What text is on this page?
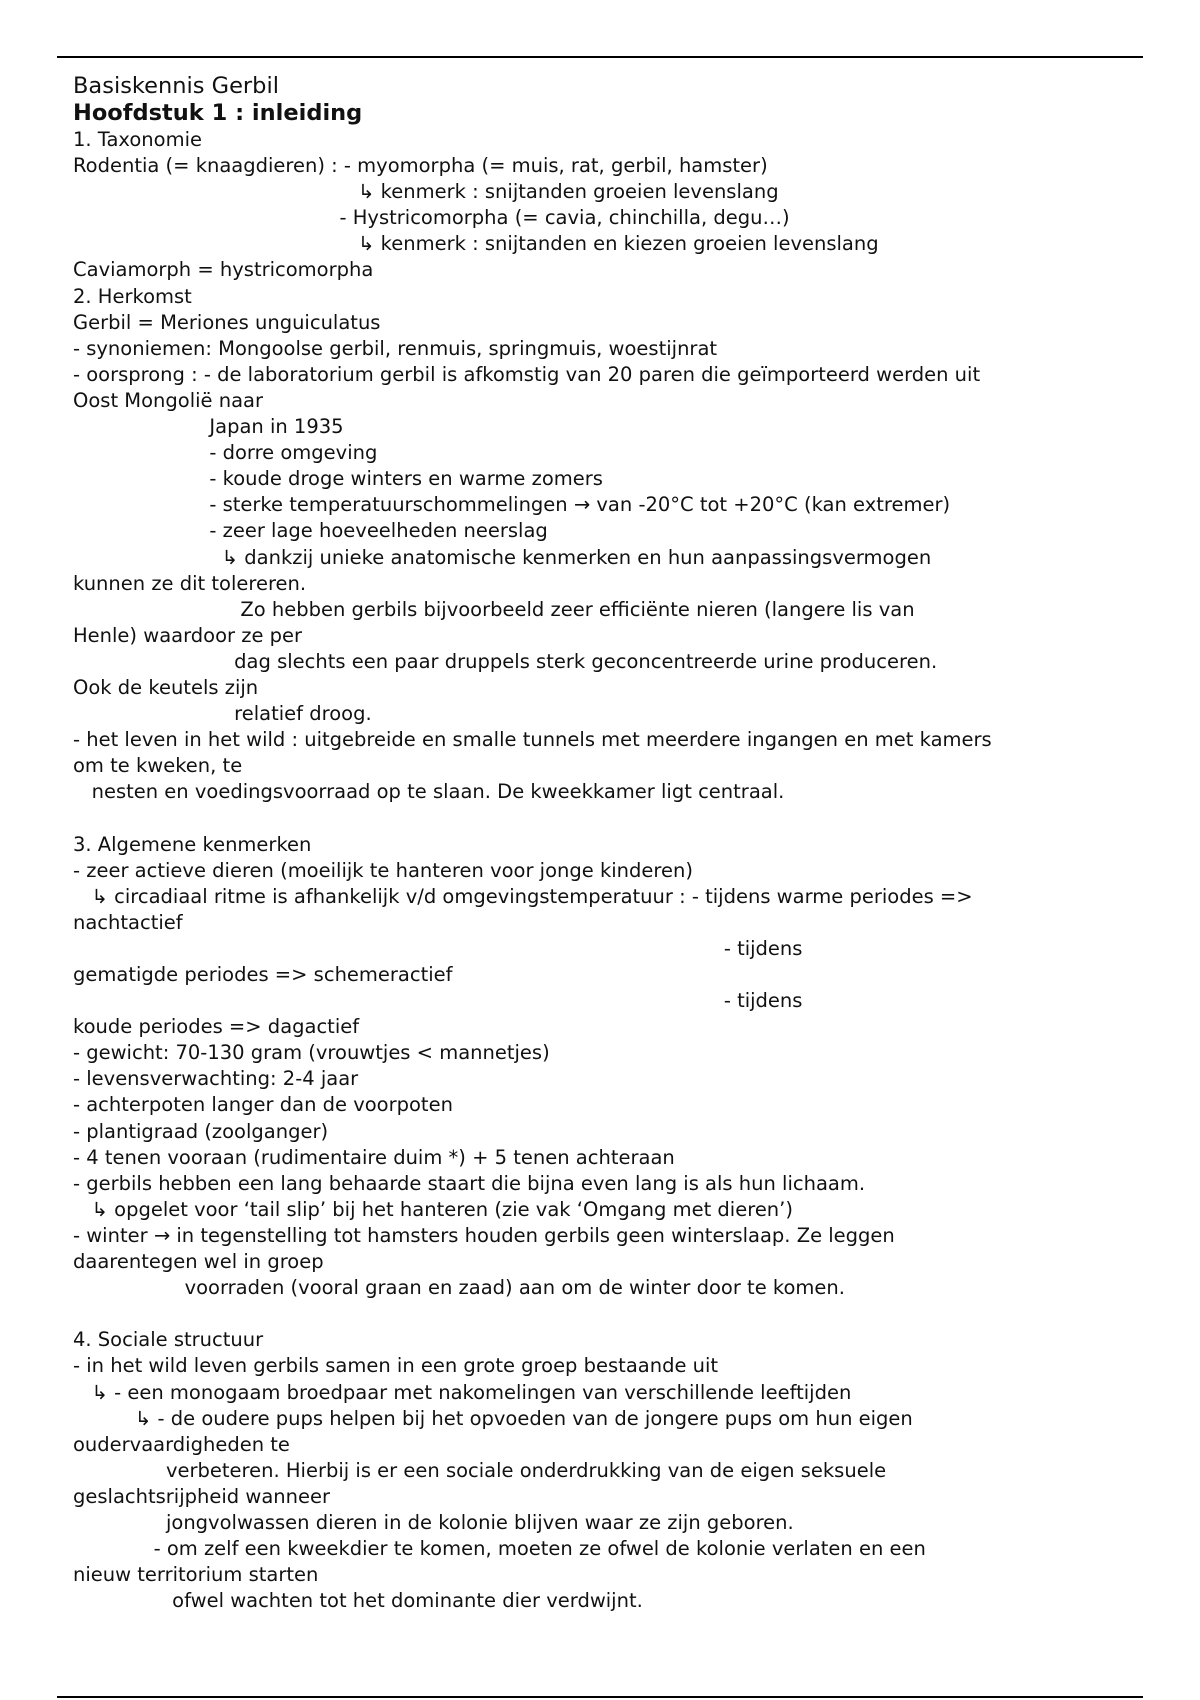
Basiskennis Gerbil
Hoofdstuk 1 : inleiding
1. Taxonomie
Rodentia (= knaagdieren) : - myomorpha (= muis, rat, gerbil, hamster)
↳ kenmerk : snijtanden groeien levenslang
- Hystricomorpha (= cavia, chinchilla, degu…)
↳ kenmerk : snijtanden en kiezen groeien levenslang
Caviamorph = hystricomorpha
2. Herkomst
Gerbil = Meriones unguiculatus
- synoniemen: Mongoolse gerbil, renmuis, springmuis, woestijnrat
- oorsprong : - de laboratorium gerbil is afkomstig van 20 paren die geïmporteerd werden uit
Oost Mongolië naar
Japan in 1935
- dorre omgeving
- koude droge winters en warme zomers
- sterke temperatuurschommelingen → van -20°C tot +20°C (kan extremer)
- zeer lage hoeveelheden neerslag
↳ dankzij unieke anatomische kenmerken en hun aanpassingsvermogen
kunnen ze dit tolereren.
Zo hebben gerbils bijvoorbeeld zeer efficiënte nieren (langere lis van
Henle) waardoor ze per
dag slechts een paar druppels sterk geconcentreerde urine produceren.
Ook de keutels zijn
relatief droog.
- het leven in het wild : uitgebreide en smalle tunnels met meerdere ingangen en met kamers
om te kweken, te
nesten en voedingsvoorraad op te slaan. De kweekkamer ligt centraal.
3. Algemene kenmerken
- zeer actieve dieren (moeilijk te hanteren voor jonge kinderen)
↳ circadiaal ritme is afhankelijk v/d omgevingstemperatuur : - tijdens warme periodes =>
nachtactief
- tijdens
gematigde periodes => schemeractief
- tijdens
koude periodes => dagactief
- gewicht: 70-130 gram (vrouwtjes < mannetjes)
- levensverwachting: 2-4 jaar
- achterpoten langer dan de voorpoten
- plantigraad (zoolganger)
- 4 tenen vooraan (rudimentaire duim *) + 5 tenen achteraan
- gerbils hebben een lang behaarde staart die bijna even lang is als hun lichaam.
↳ opgelet voor ‘tail slip’ bij het hanteren (zie vak ‘Omgang met dieren’)
- winter → in tegenstelling tot hamsters houden gerbils geen winterslaap. Ze leggen
daarentegen wel in groep
voorraden (vooral graan en zaad) aan om de winter door te komen.
4. Sociale structuur
- in het wild leven gerbils samen in een grote groep bestaande uit
↳ - een monogaam broedpaar met nakomelingen van verschillende leeftijden
↳ - de oudere pups helpen bij het opvoeden van de jongere pups om hun eigen
oudervaardigheden te
verbeteren. Hierbij is er een sociale onderdrukking van de eigen seksuele
geslachtsrijpheid wanneer
jongvolwassen dieren in de kolonie blijven waar ze zijn geboren.
- om zelf een kweekdier te komen, moeten ze ofwel de kolonie verlaten en een
nieuw territorium starten
ofwel wachten tot het dominante dier verdwijnt.
